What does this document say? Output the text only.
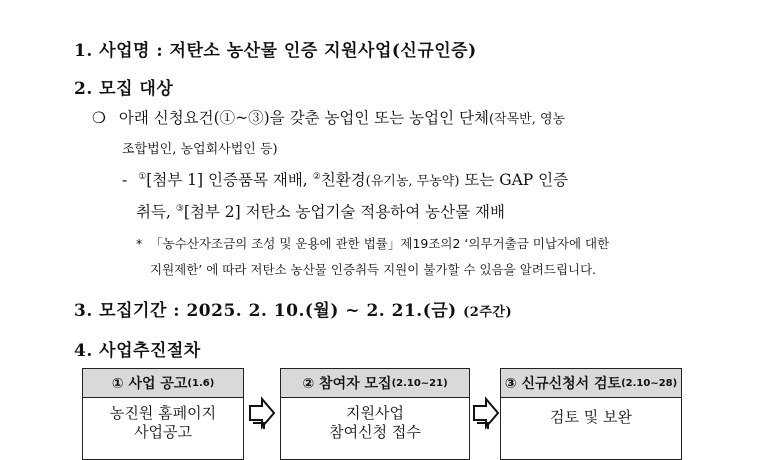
1. 사업명 : 저탄소 농산물 인증 지원사업(신규인증)
2. 모집 대상
❍ 아래 신청요건(①~③)을 갖춘 농업인 또는 농업인 단체(작목반, 영농
조합법인, 농업회사법인 등)
- ①[첨부 1] 인증품목 재배, ②친환경(유기농, 무농약) 또는 GAP 인증
취득, ③[첨부 2] 저탄소 농업기술 적용하여 농산물 재배
* 「농수산자조금의 조성 및 운용에 관한 법률」제19조의2 ‘의무거출금 미납자에 대한
지원제한’ 에 따라 저탄소 농산물 인증취득 지원이 불가할 수 있음을 알려드립니다.
3. 모집기간 : 2025. 2. 10.(월) ~ 2. 21.(금) (2주간)
4. 사업추진절차
① 사업 공고 (1.6)
농진원 홈페이지
사업공고
② 참여자 모집 (2.10~21)
지원사업
참여신청 접수
③ 신규신청서 검토 (2.10~28)
검토 및 보완
